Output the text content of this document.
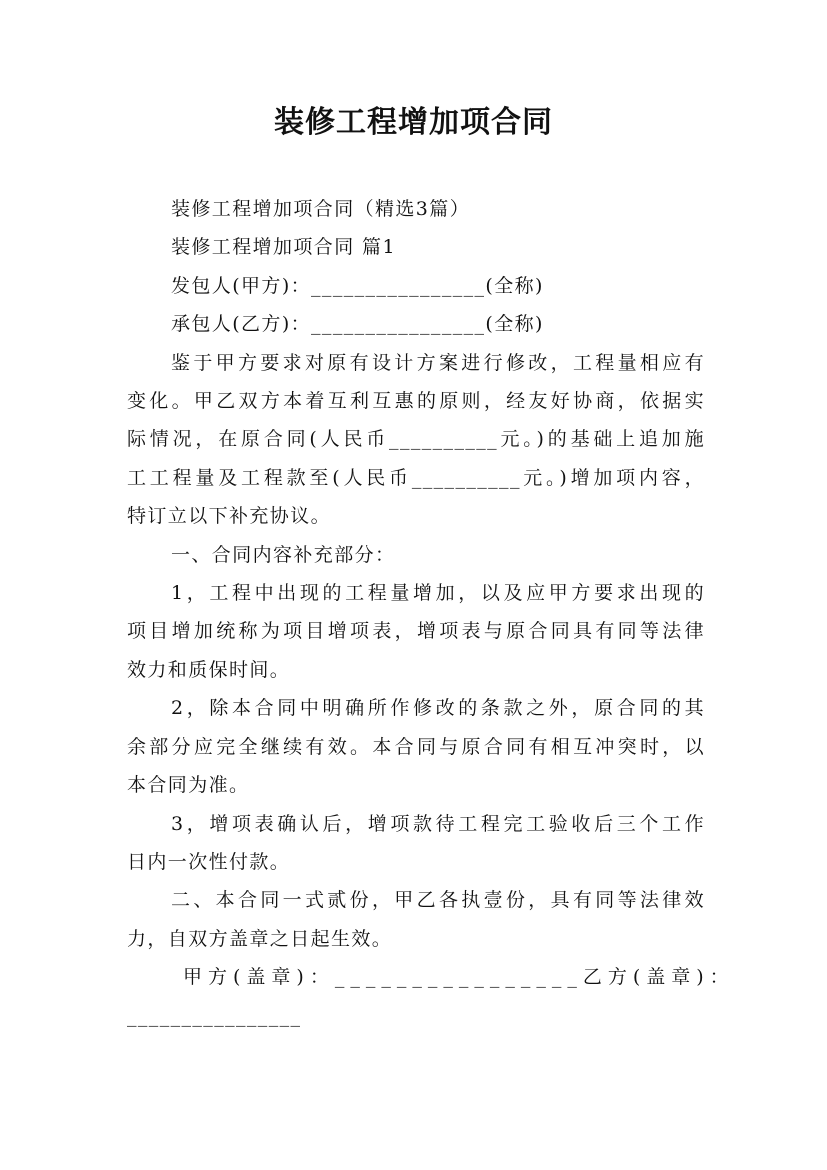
装修工程增加项合同

装修工程增加项合同（精选3篇）

装修工程增加项合同 篇1

发包人(甲方)：________________(全称)

承包人(乙方)：________________(全称)

鉴于甲方要求对原有设计方案进行修改，工程量相应有

变化。甲乙双方本着互利互惠的原则，经友好协商，依据实

际情况，在原合同(人民币__________元。)的基础上追加施

工工程量及工程款至(人民币__________元。)增加项内容，

特订立以下补充协议。

一、合同内容补充部分：

1，工程中出现的工程量增加，以及应甲方要求出现的

项目增加统称为项目增项表，增项表与原合同具有同等法律

效力和质保时间。

2，除本合同中明确所作修改的条款之外，原合同的其

余部分应完全继续有效。本合同与原合同有相互冲突时，以

本合同为准。

3，增项表确认后，增项款待工程完工验收后三个工作

日内一次性付款。

二、本合同一式贰份，甲乙各执壹份，具有同等法律效

力，自双方盖章之日起生效。

甲方(盖章)：________________乙方(盖章)：

________________
